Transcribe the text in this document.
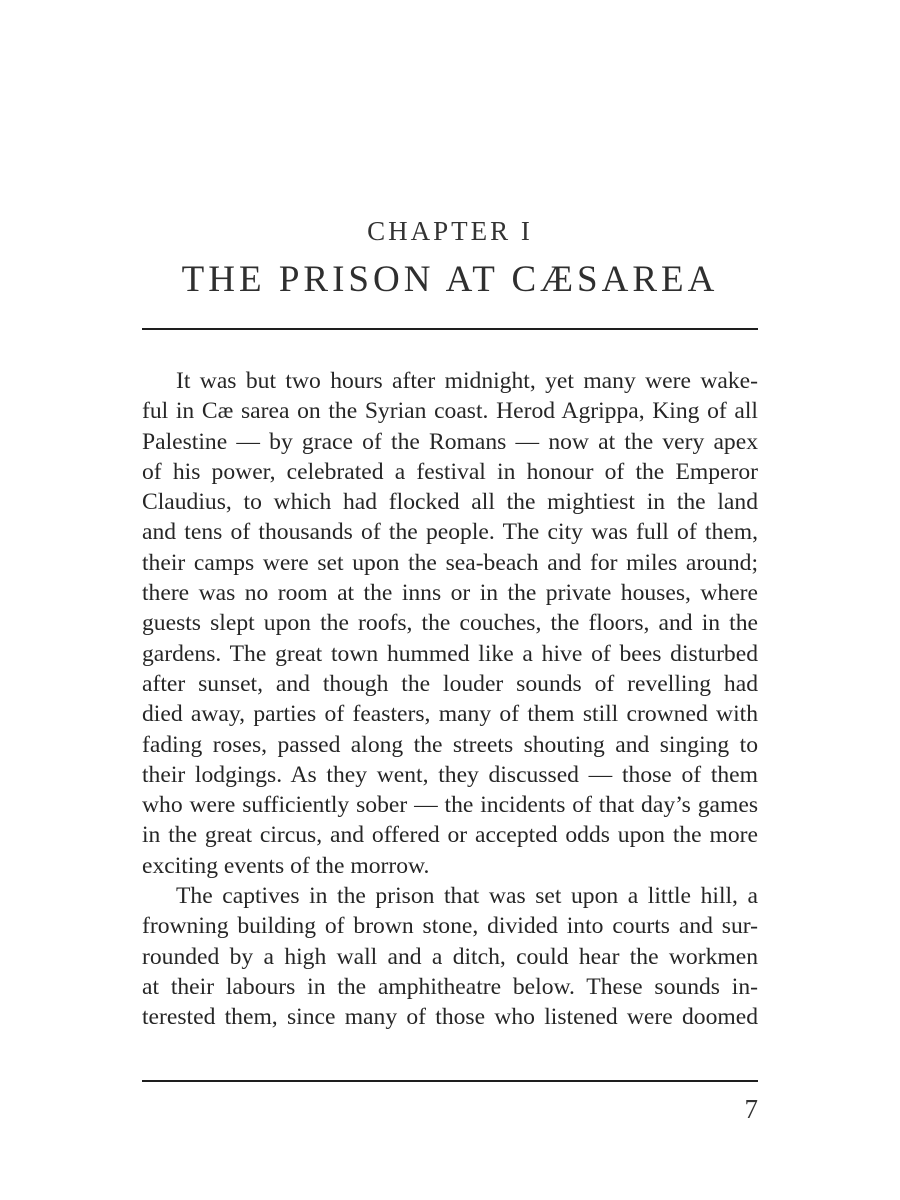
CHAPTER I
THE PRISON AT CÆSAREA

It was but two hours after midnight, yet many were wake-
ful in Cæ sarea on the Syrian coast. Herod Agrippa, King of all
Palestine — by grace of the Romans — now at the very apex
of his power, celebrated a festival in honour of the Emperor
Claudius, to which had flocked all the mightiest in the land
and tens of thousands of the people. The city was full of them,
their camps were set upon the sea-beach and for miles around;
there was no room at the inns or in the private houses, where
guests slept upon the roofs, the couches, the floors, and in the
gardens. The great town hummed like a hive of bees disturbed
after sunset, and though the louder sounds of revelling had
died away, parties of feasters, many of them still crowned with
fading roses, passed along the streets shouting and singing to
their lodgings. As they went, they discussed — those of them
who were sufficiently sober — the incidents of that day’s games
in the great circus, and offered or accepted odds upon the more
exciting events of the morrow.

The captives in the prison that was set upon a little hill, a
frowning building of brown stone, divided into courts and sur-
rounded by a high wall and a ditch, could hear the workmen
at their labours in the amphitheatre below. These sounds in-
terested them, since many of those who listened were doomed

7
